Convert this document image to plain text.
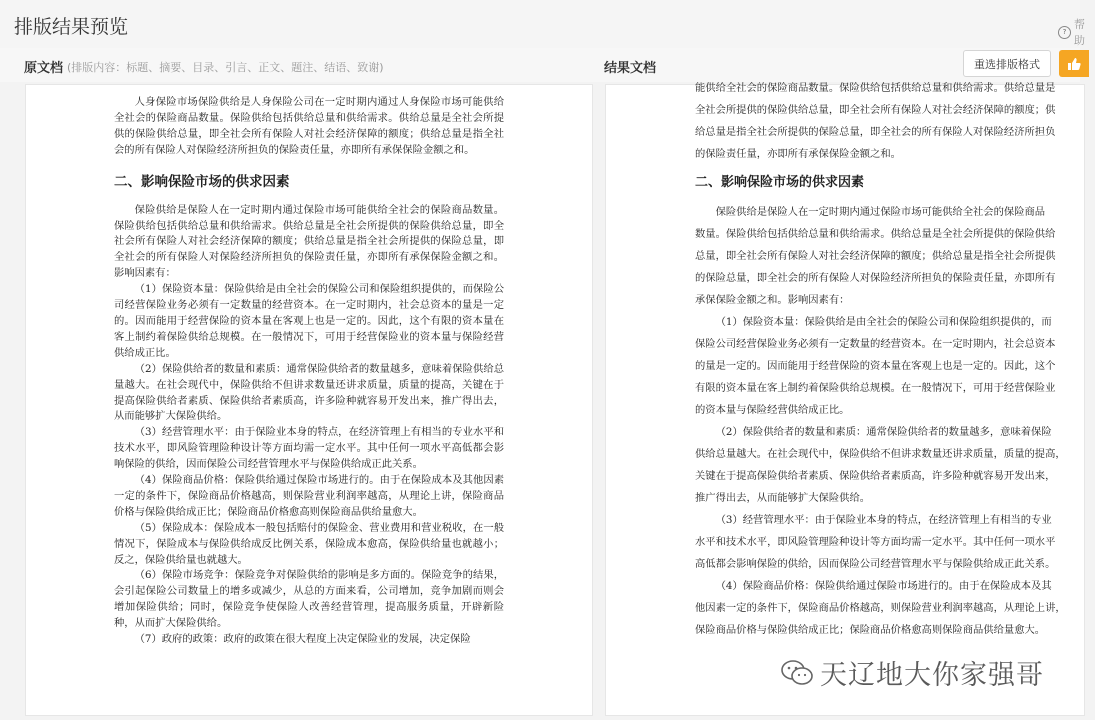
排版结果预览	?
帮助
原文档 (排版内容：标题、摘要、目录、引言、正文、题注、结语、致谢)	结果文档	重选排版格式

人身保险市场保险供给是人身保险公司在一定时期内通过人身保险市场可能供给全社会的保险商品数量。保险供给包括供给总量和供给需求。供给总量是全社会所提供的保险供给总量，即全社会所有保险人对社会经济保障的额度；供给总量是指全社会的所有保险人对保险经济所担负的保险责任量，亦即所有承保保险金额之和。

二、影响保险市场的供求因素

保险供给是保险人在一定时期内通过保险市场可能供给全社会的保险商品数量。保险供给包括供给总量和供给需求。供给总量是全社会所提供的保险供给总量，即全社会所有保险人对社会经济保障的额度；供给总量是指全社会所提供的保险总量，即全社会的所有保险人对保险经济所担负的保险责任量，亦即所有承保保险金额之和。影响因素有：

（1）保险资本量：保险供给是由全社会的保险公司和保险组织提供的，而保险公司经营保险业务必须有一定数量的经营资本。在一定时期内，社会总资本的量是一定的。因而能用于经营保险的资本量在客观上也是一定的。因此，这个有限的资本量在客上制约着保险供给总规模。在一般情况下，可用于经营保险业的资本量与保险经营供给成正比。

（2）保险供给者的数量和素质：通常保险供给者的数量越多，意味着保险供给总量越大。在社会现代中，保险供给不但讲求数量还讲求质量，质量的提高，关键在于提高保险供给者素质、保险供给者素质高，许多险种就容易开发出来，推广得出去，从而能够扩大保险供给。

（3）经营管理水平：由于保险业本身的特点，在经济管理上有相当的专业水平和技术水平，即风险管理险种设计等方面均需一定水平。其中任何一项水平高低都会影响保险的供给，因而保险公司经营管理水平与保险供给成正此关系。

（4）保险商品价格：保险供给通过保险市场进行的。由于在保险成本及其他因素一定的条件下，保险商品价格越高，则保险营业利润率越高，从理论上讲，保险商品价格与保险供给成正比；保险商品价格愈高则保险商品供给量愈大。

（5）保险成本：保险成本一般包括赔付的保险金、营业费用和营业税收，在一般情况下，保险成本与保险供给成反比例关系，保险成本愈高，保险供给量也就越小；反之，保险供给量也就越大。

（6）保险市场竞争：保险竞争对保险供给的影响是多方面的。保险竞争的结果，会引起保险公司数量上的增多或减少，从总的方面来看，公司增加，竞争加剧而则会增加保险供给；同时，保险竞争使保险人改善经营管理，提高服务质量，开辟新险种，从而扩大保险供给。

（7）政府的政策：政府的政策在很大程度上决定保险业的发展，决定保险

能供给全社会的保险商品数量。保险供给包括供给总量和供给需求。供给总量是
全社会所提供的保险供给总量，即全社会所有保险人对社会经济保障的额度；供
给总量是指全社会所提供的保险总量，即全社会的所有保险人对保险经济所担负
的保险责任量，亦即所有承保保险金额之和。
二、影响保险市场的供求因素

保险供给是保险人在一定时期内通过保险市场可能供给全社会的保险商品

数量。保险供给包括供给总量和供给需求。供给总量是全社会所提供的保险供给
总量，即全社会所有保险人对社会经济保障的额度；供给总量是指全社会所提供
的保险总量，即全社会的所有保险人对保险经济所担负的保险责任量，亦即所有
承保保险金额之和。影响因素有：

（1）保险资本量：保险供给是由全社会的保险公司和保险组织提供的，而

保险公司经营保险业务必须有一定数量的经营资本。在一定时期内，社会总资本
的量是一定的。因而能用于经营保险的资本量在客观上也是一定的。因此，这个
有限的资本量在客上制约着保险供给总规模。在一般情况下，可用于经营保险业
的资本量与保险经营供给成正比。

（2）保险供给者的数量和素质：通常保险供给者的数量越多，意味着保险

供给总量越大。在社会现代中，保险供给不但讲求数量还讲求质量，质量的提高，
关键在于提高保险供给者素质、保险供给者素质高，许多险种就容易开发出来，
推广得出去，从而能够扩大保险供给。

（3）经营管理水平：由于保险业本身的特点，在经济管理上有相当的专业

水平和技术水平，即风险管理险种设计等方面均需一定水平。其中任何一项水平
高低都会影响保险的供给，因而保险公司经营管理水平与保险供给成正此关系。

（4）保险商品价格：保险供给通过保险市场进行的。由于在保险成本及其

他因素一定的条件下，保险商品价格越高，则保险营业利润率越高，从理论上讲，
保险商品价格与保险供给成正比；保险商品价格愈高则保险商品供给量愈大。
天辽地大你家强哥
